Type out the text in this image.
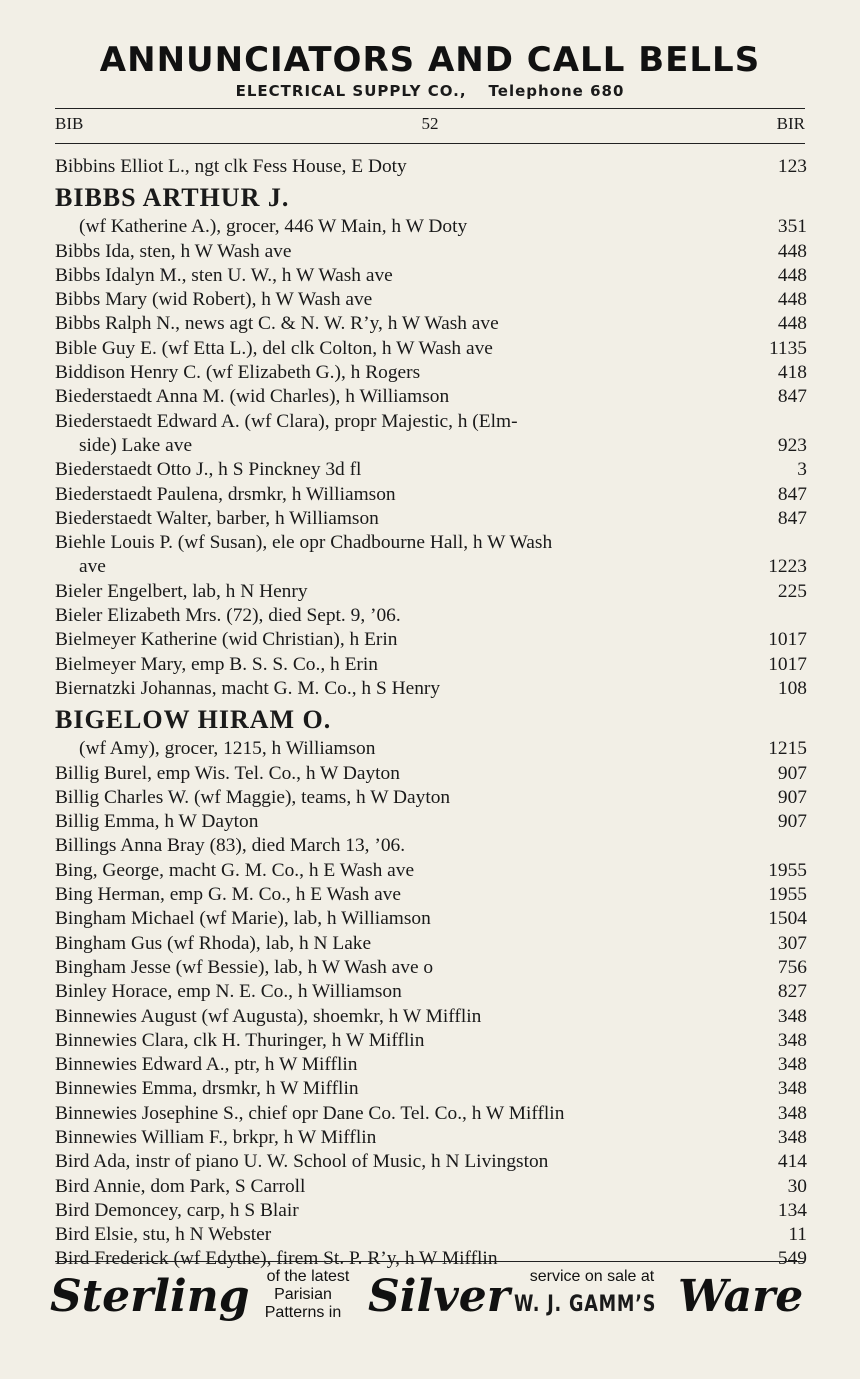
ANNUNCIATORS AND CALL BELLS
ELECTRICAL SUPPLY CO., Telephone 680
BIB	52	BIR
Bibbins Elliot L., ngt clk Fess House, E Doty	123
BIBBS ARTHUR J.
(wf Katherine A.), grocer, 446 W Main, h W Doty	351
Bibbs Ida, sten, h W Wash ave	448
Bibbs Idalyn M., sten U. W., h W Wash ave	448
Bibbs Mary (wid Robert), h W Wash ave	448
Bibbs Ralph N., news agt C. & N. W. R’y, h W Wash ave	448
Bible Guy E. (wf Etta L.), del clk Colton, h W Wash ave	1135
Biddison Henry C. (wf Elizabeth G.), h Rogers	418
Biederstaedt Anna M. (wid Charles), h Williamson	847
Biederstaedt Edward A. (wf Clara), propr Majestic, h (Elm-
side) Lake ave	923
Biederstaedt Otto J., h S Pinckney 3d fl	3
Biederstaedt Paulena, drsmkr, h Williamson	847
Biederstaedt Walter, barber, h Williamson	847
Biehle Louis P. (wf Susan), ele opr Chadbourne Hall, h W Wash
ave	1223
Bieler Engelbert, lab, h N Henry	225
Bieler Elizabeth Mrs. (72), died Sept. 9, ’06.
Bielmeyer Katherine (wid Christian), h Erin	1017
Bielmeyer Mary, emp B. S. S. Co., h Erin	1017
Biernatzki Johannas, macht G. M. Co., h S Henry	108
BIGELOW HIRAM O.
(wf Amy), grocer, 1215, h Williamson	1215
Billig Burel, emp Wis. Tel. Co., h W Dayton	907
Billig Charles W. (wf Maggie), teams, h W Dayton	907
Billig Emma, h W Dayton	907
Billings Anna Bray (83), died March 13, ’06.
Bing, George, macht G. M. Co., h E Wash ave	1955
Bing Herman, emp G. M. Co., h E Wash ave	1955
Bingham Michael (wf Marie), lab, h Williamson	1504
Bingham Gus (wf Rhoda), lab, h N Lake	307
Bingham Jesse (wf Bessie), lab, h W Wash ave o	756
Binley Horace, emp N. E. Co., h Williamson	827
Binnewies August (wf Augusta), shoemkr, h W Mifflin	348
Binnewies Clara, clk H. Thuringer, h W Mifflin	348
Binnewies Edward A., ptr, h W Mifflin	348
Binnewies Emma, drsmkr, h W Mifflin	348
Binnewies Josephine S., chief opr Dane Co. Tel. Co., h W Mifflin	348
Binnewies William F., brkpr, h W Mifflin	348
Bird Ada, instr of piano U. W. School of Music, h N Livingston	414
Bird Annie, dom Park, S Carroll	30
Bird Demoncey, carp, h S Blair	134
Bird Elsie, stu, h N Webster	11
Bird Frederick (wf Edythe), firem St. P. R’y, h W Mifflin	549
Sterling	of the latest
Parisian
Patterns in Silver	service on sale at
W. J. GAMM’S Ware
